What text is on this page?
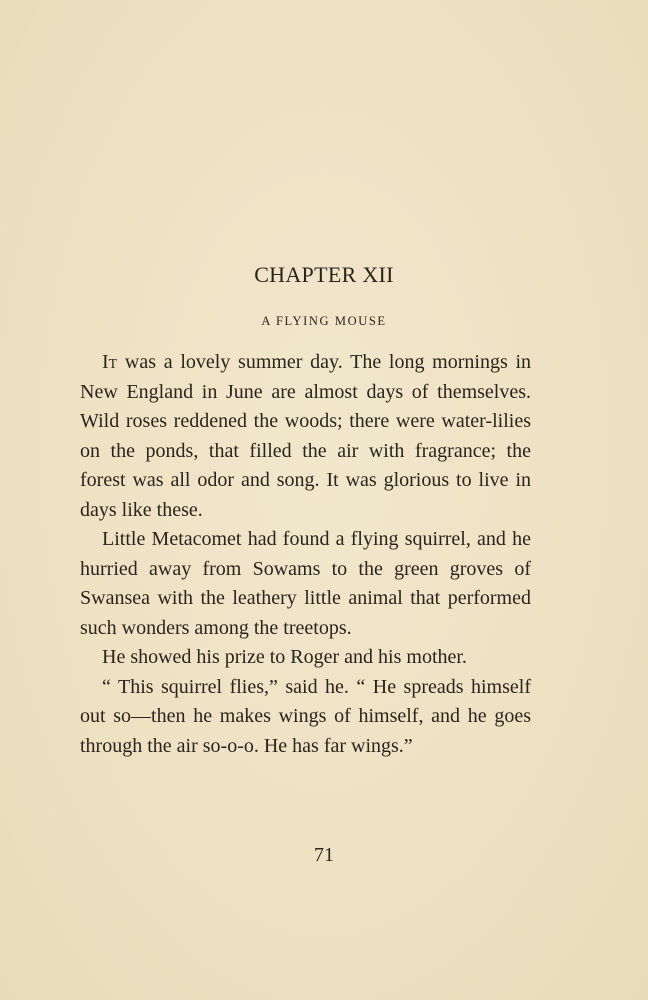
CHAPTER XII
A FLYING MOUSE

It was a lovely summer day. The long mornings in New England in June are almost days of themselves. Wild roses reddened the woods; there were water-lilies on the ponds, that filled the air with fragrance; the forest was all odor and song. It was glorious to live in days like these.

Little Metacomet had found a flying squirrel, and he hurried away from Sowams to the green groves of Swansea with the leathery little animal that performed such wonders among the treetops.

He showed his prize to Roger and his mother.

“ This squirrel flies,” said he. “ He spreads himself out so—then he makes wings of himself, and he goes through the air so-o-o. He has far wings.”

71
